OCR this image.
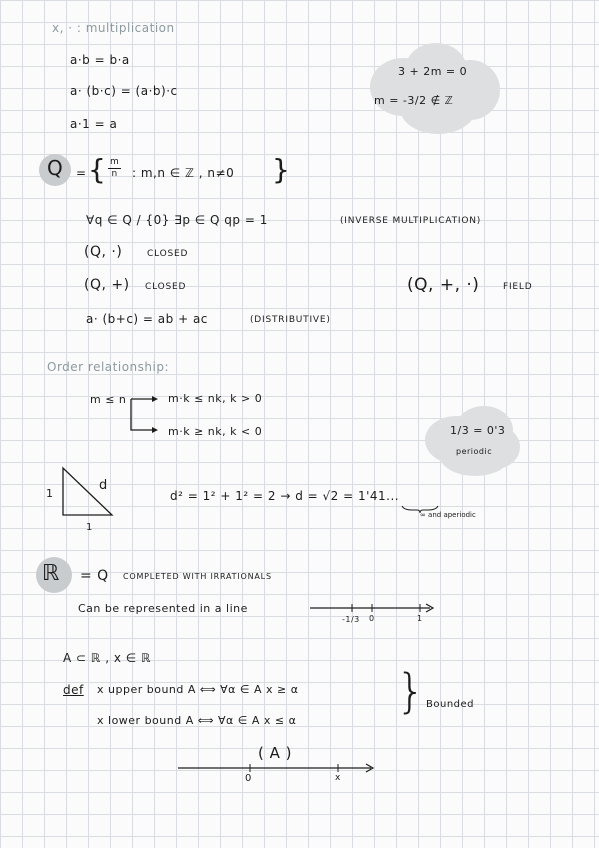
x, · : multiplication
a·b = b·a
a· (b·c) = (a·b)·c
a·1 = a
3 + 2m = 0
m = -3/2 ∉ ℤ
Q = { $\frac{m}{n}$ : m,n ∈ ℤ , n≠0 }
∀q ∈ Q / {0} ∃p ∈ Q qp = 1	(INVERSE MULTIPLICATION)
(Q, ·)	CLOSED
(Q, +) CLOSED	(Q, +, ·)	FIELD
a· (b+c) = ab + ac	(DISTRIBUTIVE)
Order relationship:
m ≤ n	m·k ≤ nk, k > 0
m·k ≥ nk, k < 0	1/3 = 0'3
periodic
1
1
d
d² = 1² + 1² = 2 → d = √2 = 1'41...
∞ and aperiodic
ℝ = Q COMPLETED WITH IRRATIONALS
Can be represented in a line
-1/3 0	1
A ⊂ ℝ , x ∈ ℝ
def x upper bound A ⟺ ∀α ∈ A x ≥ α
x lower bound A ⟺ ∀α ∈ A x ≤ α
} Bounded
( A )
0	x
